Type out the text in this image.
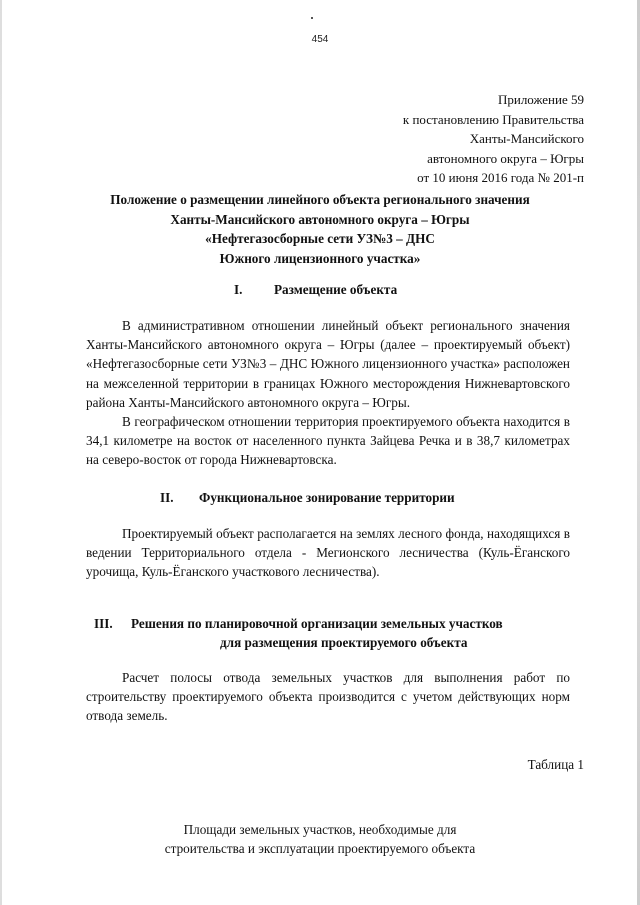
454
Приложение 59
к постановлению Правительства
Ханты-Мансийского
автономного округа – Югры
от 10 июня 2016 года № 201-п
Положение о размещении линейного объекта регионального значения
Ханты-Мансийского автономного округа – Югры
«Нефтегазосборные сети УЗ№3 – ДНС
Южного лицензионного участка»
I. Размещение объекта

В административном отношении линейный объект регионального значения Ханты-Мансийского автономного округа – Югры (далее – проектируемый объект) «Нефтегазосборные сети УЗ№3 – ДНС Южного лицензионного участка» расположен на межселенной территории в границах Южного месторождения Нижневартовского района Ханты-Мансийского автономного округа – Югры.

В географическом отношении территория проектируемого объекта находится в 34,1 километре на восток от населенного пункта Зайцева Речка и в 38,7 километрах на северо-восток от города Нижневартовска.

II. Функциональное зонирование территории

Проектируемый объект располагается на землях лесного фонда, находящихся в ведении Территориального отдела - Мегионского лесничества (Куль-Ёганского урочища, Куль-Ёганского участкового лесничества).

III. Решения по планировочной организации земельных участков
для размещения проектируемого объекта

Расчет полосы отвода земельных участков для выполнения работ по строительству проектируемого объекта производится с учетом действующих норм отвода земель.

Таблица 1
Площади земельных участков, необходимые для
строительства и эксплуатации проектируемого объекта
